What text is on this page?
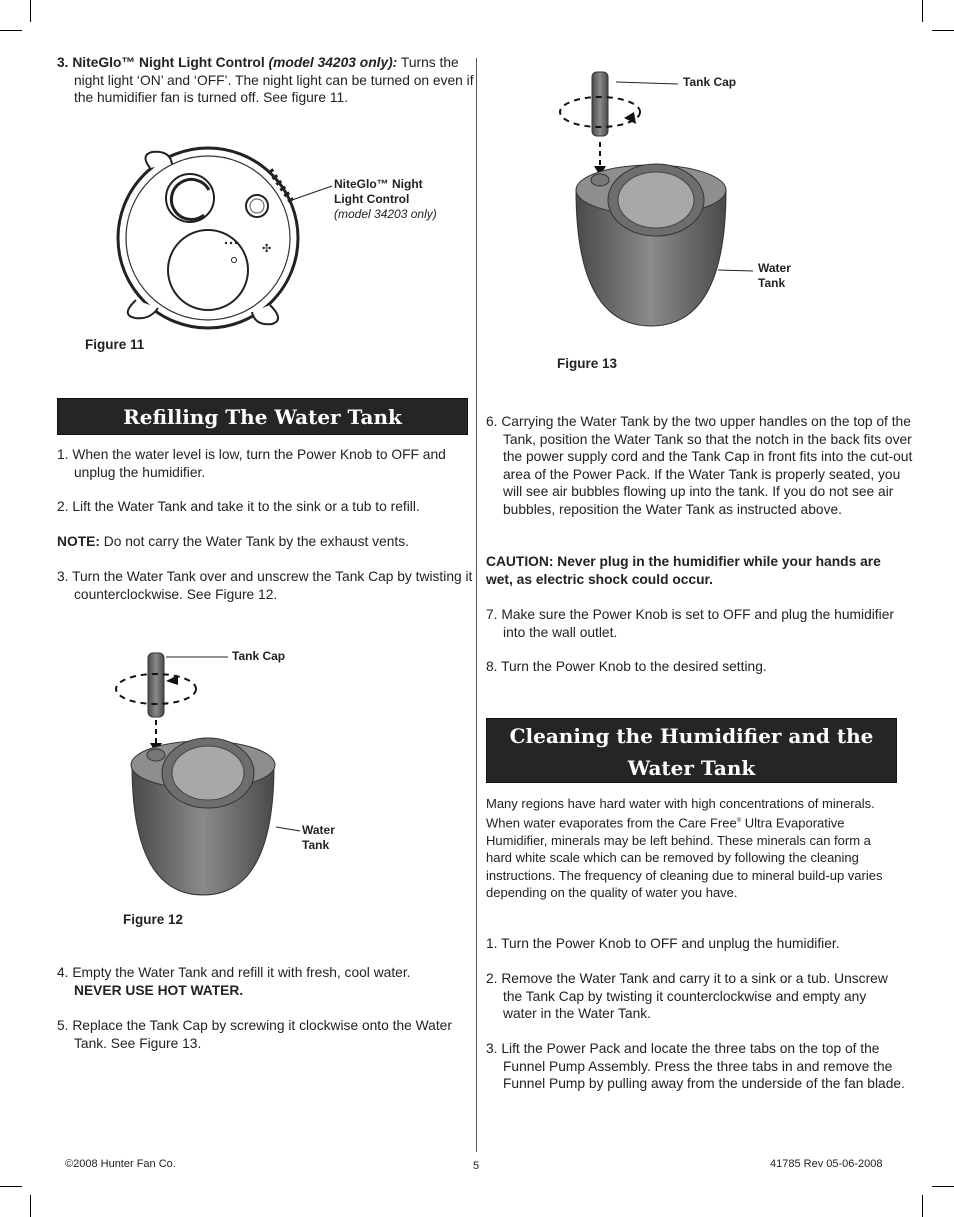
3. NiteGlo™ Night Light Control (model 34203 only): Turns the night light ‘ON’ and ‘OFF’. The night light can be turned on even if the humidifier fan is turned off. See figure 11.

✣
NiteGlo™ Night Light Control
(model 34203 only)
Figure 11
Refilling The Water Tank

1. When the water level is low, turn the Power Knob to OFF and unplug the humidifier.

2. Lift the Water Tank and take it to the sink or a tub to refill.

NOTE: Do not carry the Water Tank by the exhaust vents.

3. Turn the Water Tank over and unscrew the Tank Cap by twisting it counterclockwise. See Figure 12.

Tank Cap
Water
Tank
Figure 12

4. Empty the Water Tank and refill it with fresh, cool water.
NEVER USE HOT WATER.

5. Replace the Tank Cap by screwing it clockwise onto the Water Tank. See Figure 13.

Tank Cap
Water
Tank
Figure 13

6. Carrying the Water Tank by the two upper handles on the top of the Tank, position the Water Tank so that the notch in the back fits over the power supply cord and the Tank Cap in front fits into the cut-out area of the Power Pack. If the Water Tank is properly seated, you will see air bubbles flowing up into the tank. If you do not see air bubbles, reposition the Water Tank as instructed above.

CAUTION: Never plug in the humidifier while your hands are wet, as electric shock could occur.

7. Make sure the Power Knob is set to OFF and plug the humidifier into the wall outlet.

8. Turn the Power Knob to the desired setting.

Cleaning the Humidifier and the
Water Tank

Many regions have hard water with high concentrations of minerals. When water evaporates from the Care Free® Ultra Evaporative Humidifier, minerals may be left behind. These minerals can form a hard white scale which can be removed by following the cleaning instructions. The frequency of cleaning due to mineral build-up varies depending on the quality of water you have.

1. Turn the Power Knob to OFF and unplug the humidifier.

2. Remove the Water Tank and carry it to a sink or a tub. Unscrew the Tank Cap by twisting it counterclockwise and empty any water in the Water Tank.

3. Lift the Power Pack and locate the three tabs on the top of the Funnel Pump Assembly. Press the three tabs in and remove the Funnel Pump by pulling away from the underside of the fan blade.

©2008 Hunter Fan Co.	5	41785 Rev 05-06-2008
